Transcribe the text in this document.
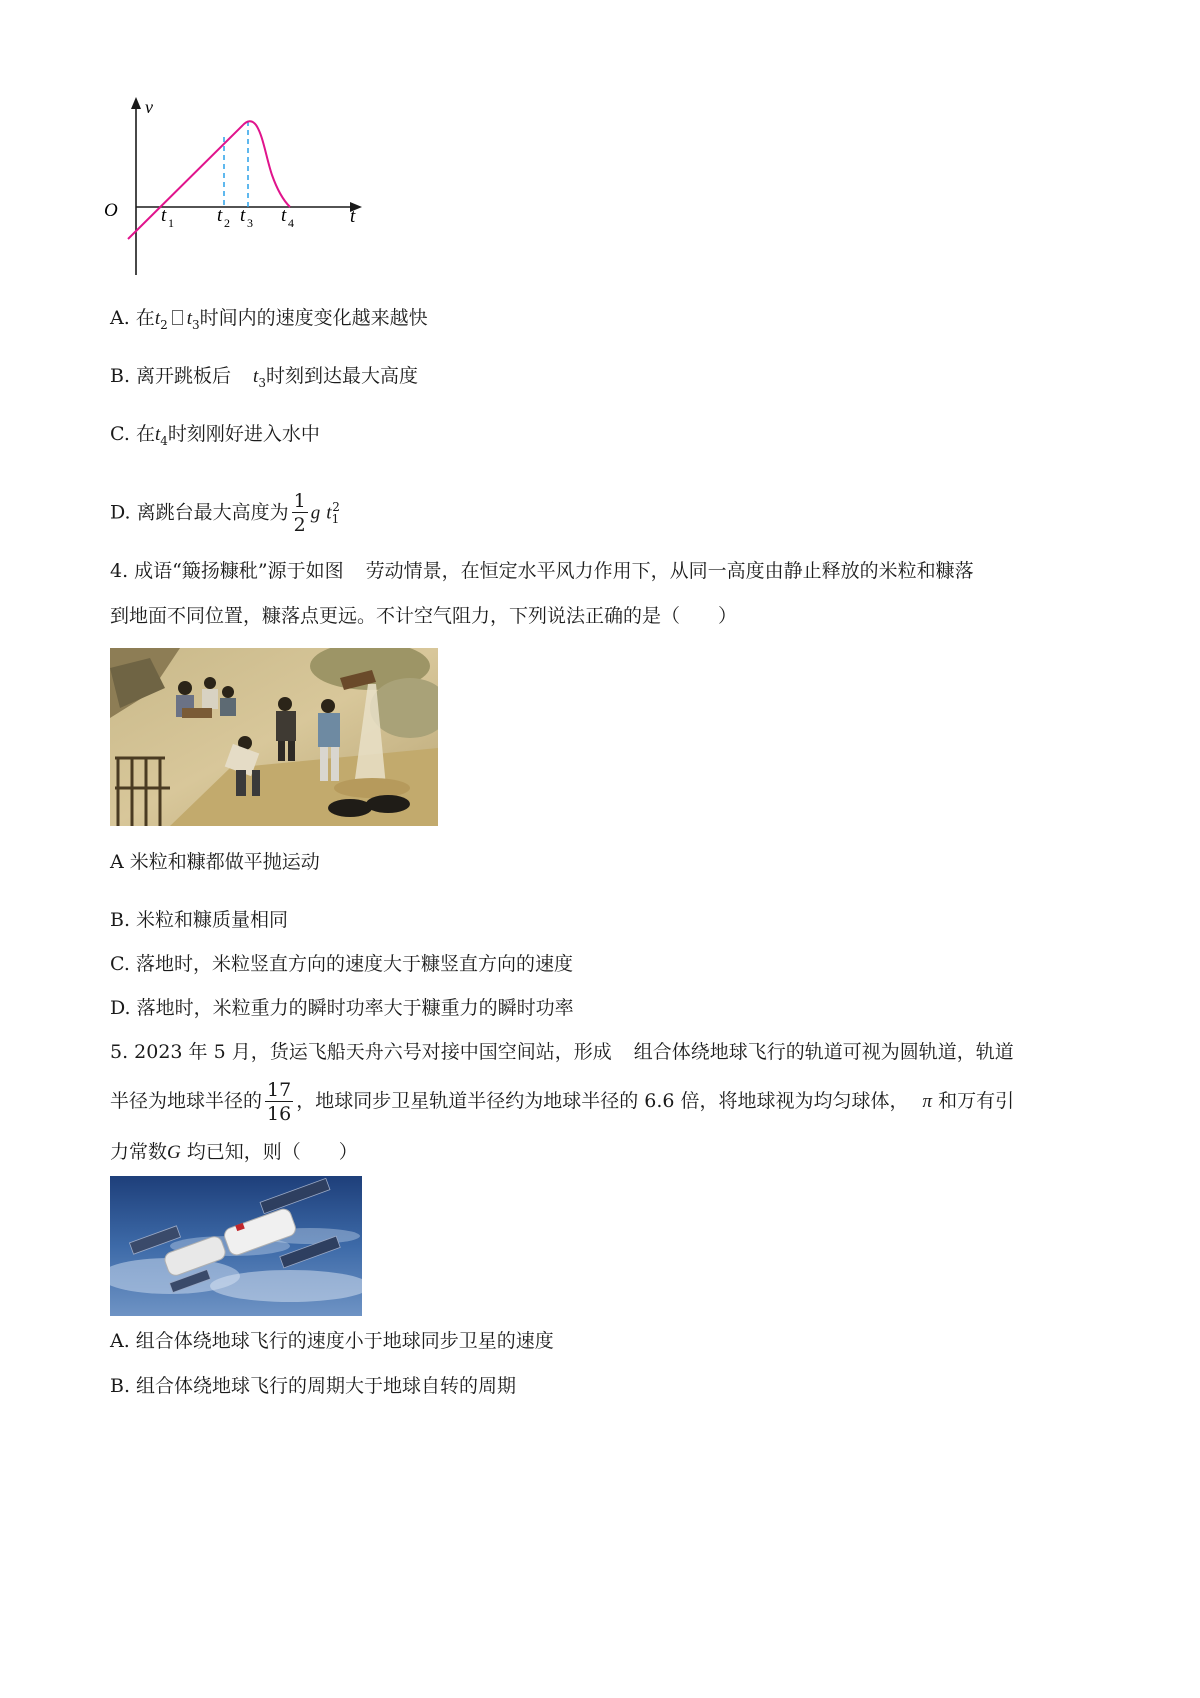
v
O	t
t 1 t 2 t 3 t 4
A. 在$t_2$ $t_3$时间内的速度变化越来越快
B. 离开跳板后 $t_3$时刻到达最大高度
C. 在$t_4$时刻刚好进入水中
D. 离跳台最大高度为 $\frac{1}{2}$ g $t_1^2$
4. 成语“簸扬糠秕”源于如图 劳动情景，在恒定水平风力作用下，从同一高度由静止释放的米粒和糠落
到地面不同位置，糠落点更远。不计空气阻力，下列说法正确的是（　　）
A 米粒和糠都做平抛运动
B. 米粒和糠质量相同
C. 落地时，米粒竖直方向的速度大于糠竖直方向的速度
D. 落地时，米粒重力的瞬时功率大于糠重力的瞬时功率
5. 2023 年 5 月，货运飞船天舟六号对接中国空间站，形成 组合体绕地球飞行的轨道可视为圆轨道，轨道
半径为地球半径的 $\frac{17}{16}$ ，地球同步卫星轨道半径约为地球半径的 6.6 倍，将地球视为均匀球体， π 和万有引
力常数G 均已知，则（　　）
A. 组合体绕地球飞行的速度小于地球同步卫星的速度
B. 组合体绕地球飞行的周期大于地球自转的周期
